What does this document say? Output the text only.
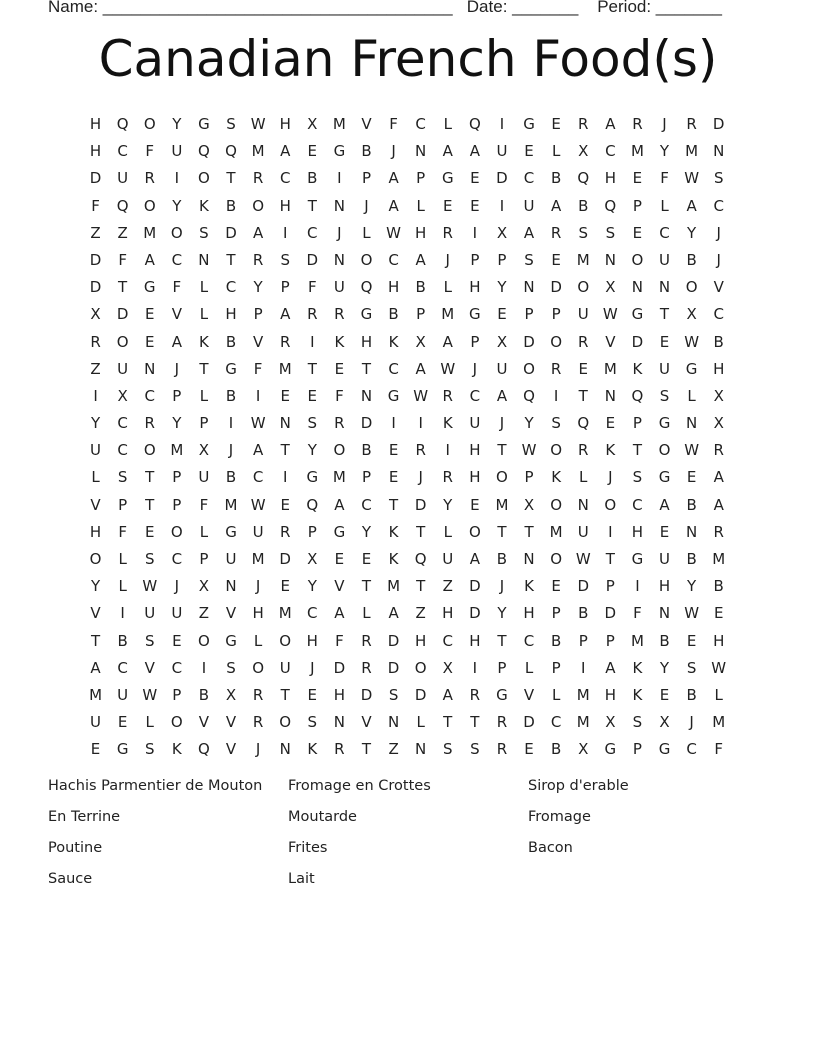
Name: _____________________________________   Date: _______    Period: _______
Canadian French Food(s)
H	Q	O	Y	G	S W H	X	M	V	F	C	L	Q	I	G	E	R	A	R	J	R	D
H	C	F	U	Q	Q M	A	E	G	B	J	N	A	A	U	E	L	X	C	M	Y	M	N
D	U	R	I	O	T	R	C	B	I	P	A	P	G	E	D	C	B	Q	H	E	F	W S
F	Q	O	Y	K	B	O	H	T	N	J	A	L	E	E	I	U	A	B	Q	P	L	A	C
Z	Z	M O	S	D	A	I	C	J	L	W H	R	I	X	A	R	S	S	E	C	Y	J
D	F	A	C	N	T	R	S	D	N	O	C	A	J	P	P	S	E	M	N	O	U	B	J
D	T	G	F	L	C	Y	P	F	U	Q	H	B	L	H	Y	N	D	O	X	N	N	O	V
X	D	E	V	L	H	P	A	R	R	G	B	P	M G	E	P	P	U W G	T	X	C
R	O	E	A	K	B	V	R	I	K	H	K	X	A	P	X	D	O	R	V	D	E W B
Z	U	N	J	T	G	F	M	T	E	T	C	A W	J	U	O	R	E	M	K	U	G	H
I	X	C	P	L	B	I	E	E	F	N	G W R	C	A	Q	I	T	N	Q	S	L	X
Y	C	R	Y	P	I	W N	S	R	D	I	I	K	U	J	Y	S	Q	E	P	G	N	X
U	C	O M	X	J	A	T	Y	O	B	E	R	I	H	T	W O	R	K	T	O W R
L	S	T	P	U	B	C	I	G M	P	E	J	R	H	O	P	K	L	J	S	G	E	A
V	P	T	P	F	M W E	Q	A	C	T	D	Y	E	M	X	O	N	O	C	A	B	A
H	F	E	O	L	G	U	R	P	G	Y	K	T	L	O	T	T	M	U	I	H	E	N	R
O	L	S	C	P	U	M D	X	E	E	K	Q	U	A	B	N	O W	T	G	U	B	M
Y	L	W	J	X	N	J	E	Y	V	T	M	T	Z	D	J	K	E	D	P	I	H	Y	B
V	I	U	U	Z	V	H M	C	A	L	A	Z	H	D	Y	H	P	B	D	F	N W E
T	B	S	E	O	G	L	O	H	F	R	D	H	C	H	T	C	B	P	P	M	B	E	H
A	C	V	C	I	S	O	U	J	D	R	D	O	X	I	P	L	P	I	A	K	Y	S W
M	U W	P	B	X	R	T	E	H	D	S	D	A	R	G	V	L	M H	K	E	B	L
U	E	L	O	V	V	R	O	S	N	V	N	L	T	T	R	D	C	M	X	S	X	J	M
E	G	S	K	Q	V	J	N	K	R	T	Z	N	S	S	R	E	B	X	G	P	G	C	F
Hachis Parmentier de Mouton	Fromage en Crottes	Sirop d'erable
En Terrine	Moutarde	Fromage
Poutine	Frites	Bacon
Sauce	Lait
